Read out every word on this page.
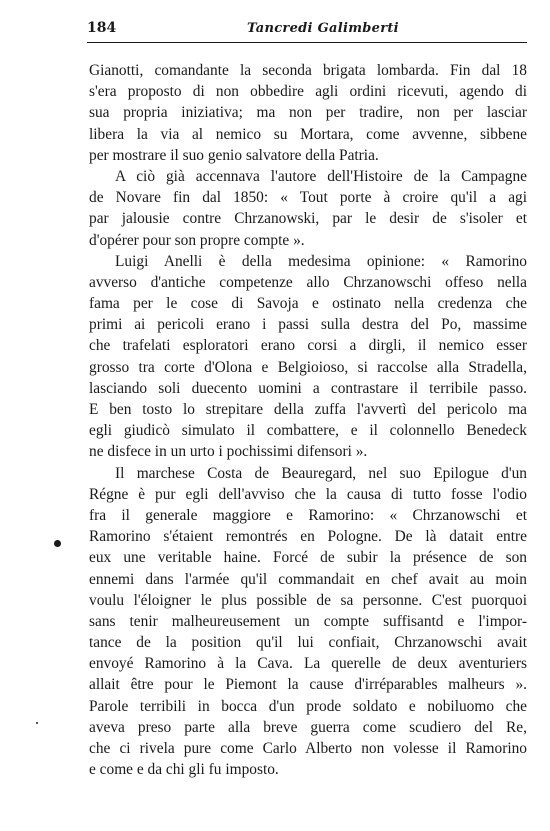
184	Tancredi Galimberti
Gianotti, comandante la seconda brigata lombarda. Fin dal 18
s'era proposto di non obbedire agli ordini ricevuti, agendo di
sua propria iniziativa; ma non per tradire, non per lasciar
libera la via al nemico su Mortara, come avvenne, sibbene
per mostrare il suo genio salvatore della Patria.
A ciò già accennava l'autore dell'Histoire de la Campagne
de Novare fin dal 1850: « Tout porte à croire qu'il a agi
par jalousie contre Chrzanowski, par le desir de s'isoler et
d'opérer pour son propre compte ».
Luigi Anelli è della medesima opinione: « Ramorino
avverso d'antiche competenze allo Chrzanowschi offeso nella
fama per le cose di Savoja e ostinato nella credenza che
primi ai pericoli erano i passi sulla destra del Po, massime
che trafelati esploratori erano corsi a dirgli, il nemico esser
grosso tra corte d'Olona e Belgioioso, si raccolse alla Stradella,
lasciando soli duecento uomini a contrastare il terribile passo.
E ben tosto lo strepitare della zuffa l'avvertì del pericolo ma
egli giudicò simulato il combattere, e il colonnello Benedeck
ne disfece in un urto i pochissimi difensori ».
Il marchese Costa de Beauregard, nel suo Epilogue d'un
Régne è pur egli dell'avviso che la causa di tutto fosse l'odio
fra il generale maggiore e Ramorino: « Chrzanowschi et
Ramorino s'étaient remontrés en Pologne. De là datait entre
eux une veritable haine. Forcé de subir la présence de son
ennemi dans l'armée qu'il commandait en chef avait au moin
voulu l'éloigner le plus possible de sa personne. C'est puorquoi
sans tenir malheureusement un compte suffisantd e l'impor-
tance de la position qu'il lui confiait, Chrzanowschi avait
envoyé Ramorino à la Cava. La querelle de deux aventuriers
allait être pour le Piemont la cause d'irréparables malheurs ».
Parole terribili in bocca d'un prode soldato e nobiluomo che
aveva preso parte alla breve guerra come scudiero del Re,
che ci rivela pure come Carlo Alberto non volesse il Ramorino
e come e da chi gli fu imposto.
